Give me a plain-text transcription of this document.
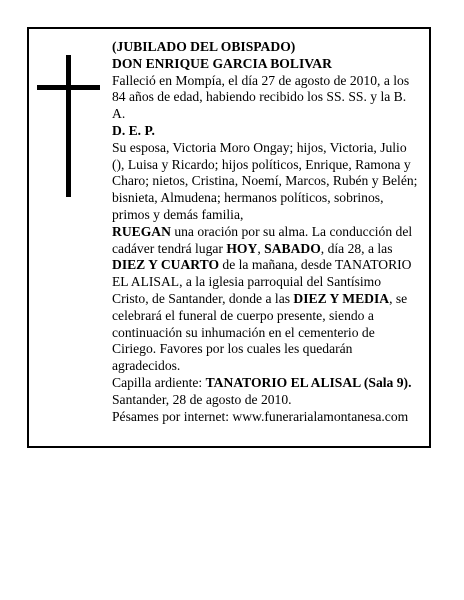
(JUBILADO DEL OBISPADO)

DON ENRIQUE GARCIA BOLIVAR

Falleció en Mompía, el día 27 de agosto de 2010, a los 84 años de edad, habiendo recibido los SS. SS. y la B. A.

D. E. P.

Su esposa, Victoria Moro Ongay; hijos, Victoria, Julio (), Luisa y Ricardo; hijos políticos, Enrique, Ramona y Charo; nietos, Cristina, Noemí, Marcos, Rubén y Belén; bisnieta, Almudena; hermanos políticos, sobrinos, primos y demás familia,

RUEGAN una oración por su alma. La conducción del cadáver tendrá lugar HOY, SABADO, día 28, a las DIEZ Y CUARTO de la mañana, desde TANATORIO EL ALISAL, a la iglesia parroquial del Santísimo Cristo, de Santander, donde a las DIEZ Y MEDIA, se celebrará el funeral de cuerpo presente, siendo a continuación su inhumación en el cementerio de Ciriego. Favores por los cuales les quedarán agradecidos.

Capilla ardiente: TANATORIO EL ALISAL (Sala 9).

Santander, 28 de agosto de 2010.

Pésames por internet: www.funerarialamontanesa.com
